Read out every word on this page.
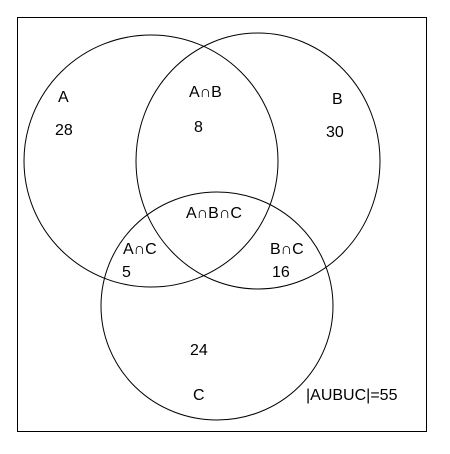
A
28
B
30
A∩B
8
A∩B∩C
A∩C
5
B∩C
16
24
C	|AUBUC|=55
